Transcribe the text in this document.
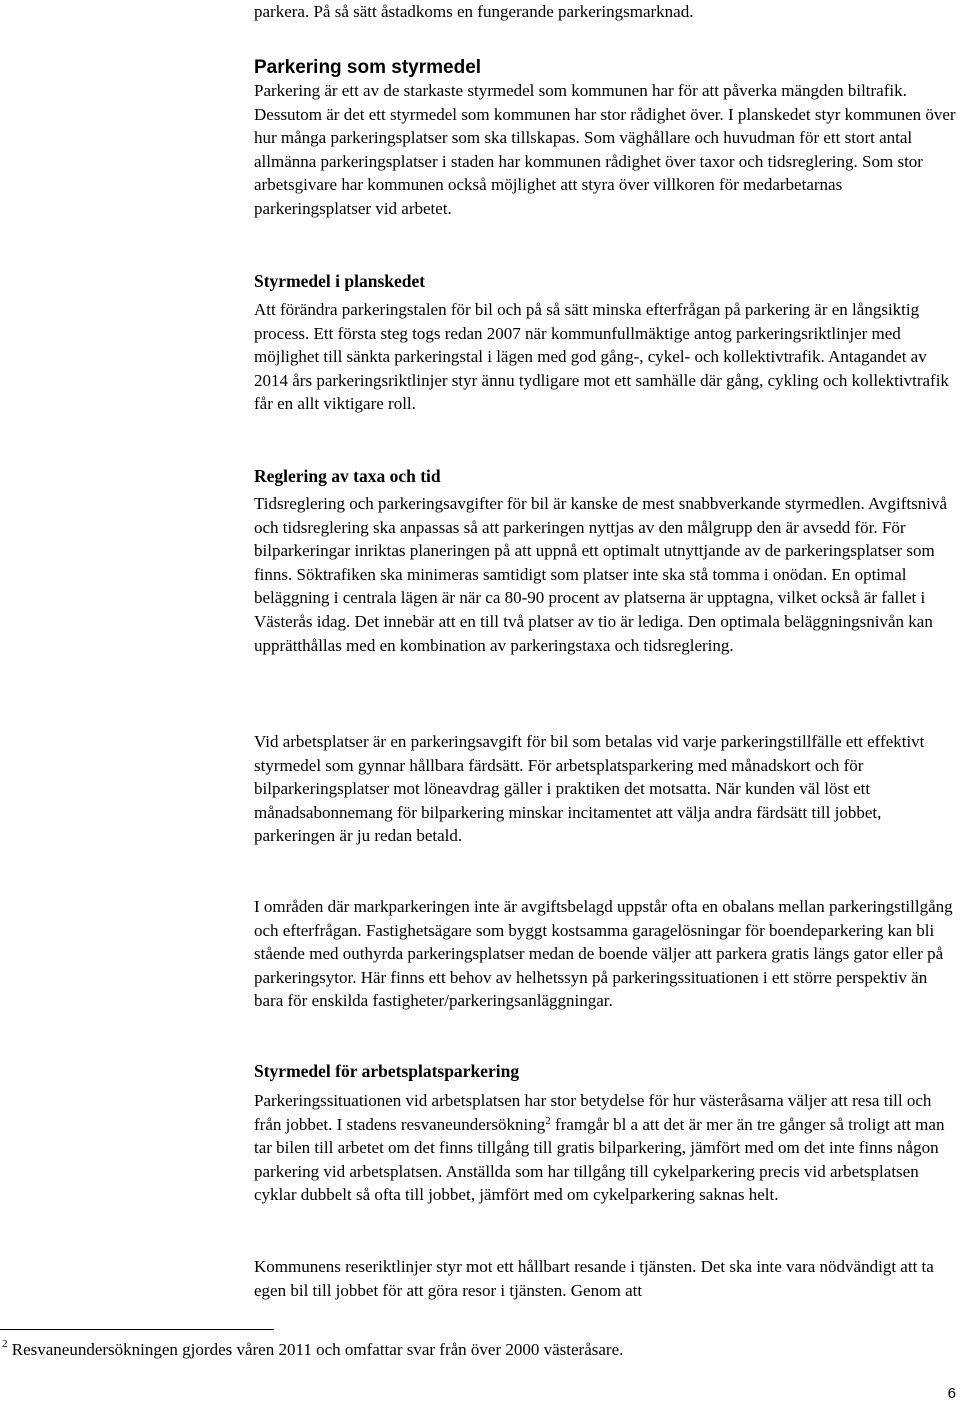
parkera. På så sätt åstadkoms en fungerande parkeringsmarknad.

Parkering som styrmedel

Parkering är ett av de starkaste styrmedel som kommunen har för att påverka mängden biltrafik. Dessutom är det ett styrmedel som kommunen har stor rådighet över. I planskedet styr kommunen över hur många parkeringsplatser som ska tillskapas. Som väghållare och huvudman för ett stort antal allmänna parkeringsplatser i staden har kommunen rådighet över taxor och tidsreglering. Som stor arbetsgivare har kommunen också möjlighet att styra över villkoren för medarbetarnas parkeringsplatser vid arbetet.

Styrmedel i planskedet

Att förändra parkeringstalen för bil och på så sätt minska efterfrågan på parkering är en långsiktig process. Ett första steg togs redan 2007 när kommunfullmäktige antog parkeringsriktlinjer med möjlighet till sänkta parkeringstal i lägen med god gång-, cykel- och kollektivtrafik. Antagandet av 2014 års parkeringsriktlinjer styr ännu tydligare mot ett samhälle där gång, cykling och kollektivtrafik får en allt viktigare roll.

Reglering av taxa och tid

Tidsreglering och parkeringsavgifter för bil är kanske de mest snabbverkande styrmedlen. Avgiftsnivå och tidsreglering ska anpassas så att parkeringen nyttjas av den målgrupp den är avsedd för. För bilparkeringar inriktas planeringen på att uppnå ett optimalt utnyttjande av de parkeringsplatser som finns. Söktrafiken ska minimeras samtidigt som platser inte ska stå tomma i onödan. En optimal beläggning i centrala lägen är när ca 80-90 procent av platserna är upptagna, vilket också är fallet i Västerås idag. Det innebär att en till två platser av tio är lediga. Den optimala beläggningsnivån kan upprätthållas med en kombination av parkeringstaxa och tidsreglering.

Vid arbetsplatser är en parkeringsavgift för bil som betalas vid varje parkeringstillfälle ett effektivt styrmedel som gynnar hållbara färdsätt. För arbetsplatsparkering med månadskort och för bilparkeringsplatser mot löneavdrag gäller i praktiken det motsatta. När kunden väl löst ett månadsabonnemang för bilparkering minskar incitamentet att välja andra färdsätt till jobbet, parkeringen är ju redan betald.

I områden där markparkeringen inte är avgiftsbelagd uppstår ofta en obalans mellan parkeringstillgång och efterfrågan. Fastighetsägare som byggt kostsamma garagelösningar för boendeparkering kan bli stående med outhyrda parkeringsplatser medan de boende väljer att parkera gratis längs gator eller på parkeringsytor. Här finns ett behov av helhetssyn på parkeringssituationen i ett större perspektiv än bara för enskilda fastigheter/parkeringsanläggningar.

Styrmedel för arbetsplatsparkering

Parkeringssituationen vid arbetsplatsen har stor betydelse för hur västeråsarna väljer att resa till och från jobbet. I stadens resvaneundersökning$^2$ framgår bl a att det är mer än tre gånger så troligt att man tar bilen till arbetet om det finns tillgång till gratis bilparkering, jämfört med om det inte finns någon parkering vid arbetsplatsen. Anställda som har tillgång till cykelparkering precis vid arbetsplatsen cyklar dubbelt så ofta till jobbet, jämfört med om cykelparkering saknas helt.

Kommunens reseriktlinjer styr mot ett hållbart resande i tjänsten. Det ska inte vara nödvändigt att ta egen bil till jobbet för att göra resor i tjänsten. Genom att

$^2$ Resvaneundersökningen gjordes våren 2011 och omfattar svar från över 2000 västeråsare.
6
